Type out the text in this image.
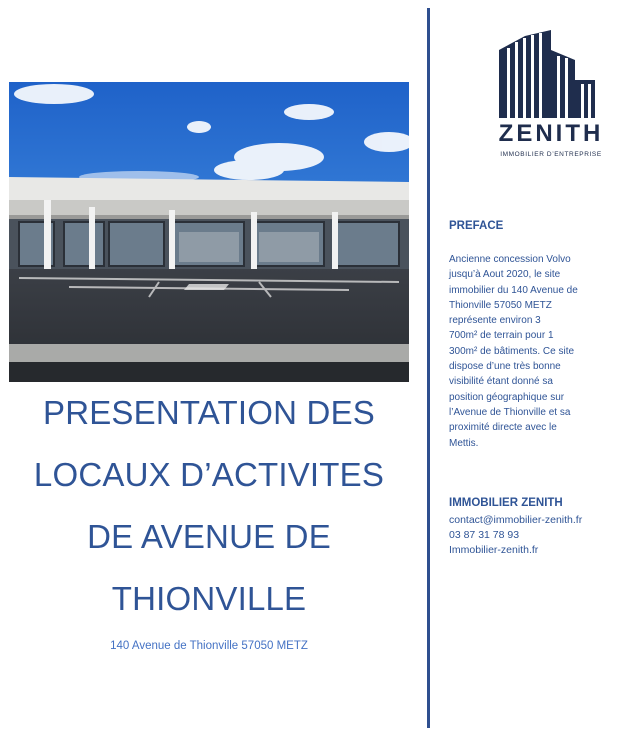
PRESENTATION DES
LOCAUX D’ACTIVITES
DE AVENUE DE
THIONVILLE
140 Avenue de Thionville 57050 METZ
ZENITH
IMMOBILIER D’ENTREPRISE
PREFACE
Ancienne concession Volvo
jusqu’à Aout 2020, le site
immobilier du 140 Avenue de
Thionville 57050 METZ
représente environ 3
700m² de terrain pour 1
300m² de bâtiments. Ce site
dispose d’une très bonne
visibilité étant donné sa
position géographique sur
l’Avenue de Thionville et sa
proximité directe avec le
Mettis.
IMMOBILIER ZENITH
contact@immobilier-zenith.fr
03 87 31 78 93
Immobilier-zenith.fr
